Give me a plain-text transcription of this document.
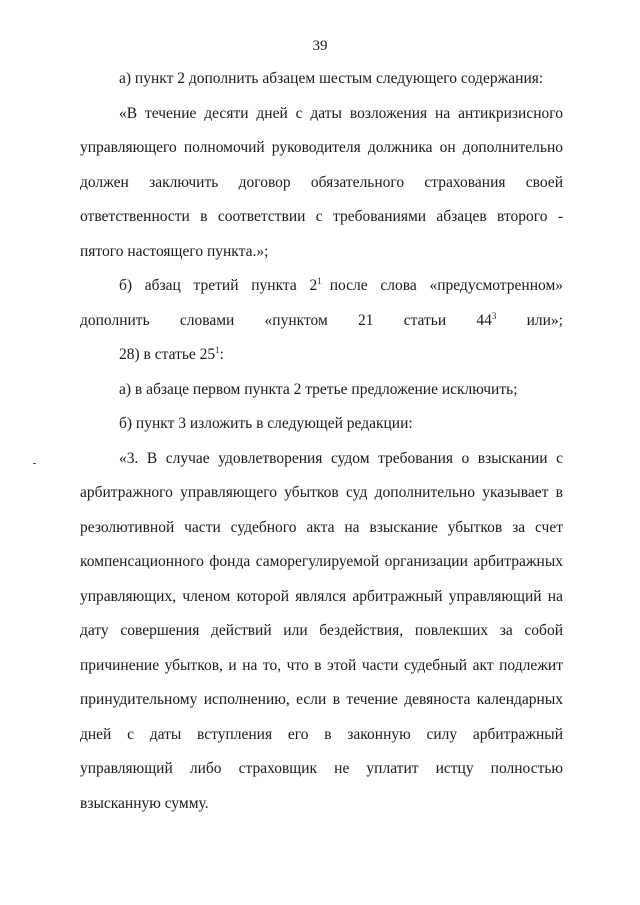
39

а) пункт 2 дополнить абзацем шестым следующего содержания:

«В течение десяти дней с даты возложения на антикризисного управляющего полномочий руководителя должника он дополнительно должен заключить договор обязательного страхования своей ответственности в соответствии с требованиями абзацев второго - пятого настоящего пункта.»;

б) абзац третий пункта $2^1$ после слова «предусмотренном» дополнить словами «пунктом 21 статьи $44^3$ или»;

28) в статье $25^1$:

а) в абзаце первом пункта 2 третье предложение исключить;

б) пункт 3 изложить в следующей редакции:

«3. В случае удовлетворения судом требования о взыскании с арбитражного управляющего убытков суд дополнительно указывает в резолютивной части судебного акта на взыскание убытков за счет компенсационного фонда саморегулируемой организации арбитражных управляющих, членом которой являлся арбитражный управляющий на дату совершения действий или бездействия, повлекших за собой причинение убытков, и на то, что в этой части судебный акт подлежит принудительному исполнению, если в течение девяноста календарных дней с даты вступления его в законную силу арбитражный управляющий либо страховщик не уплатит истцу полностью взысканную сумму.
